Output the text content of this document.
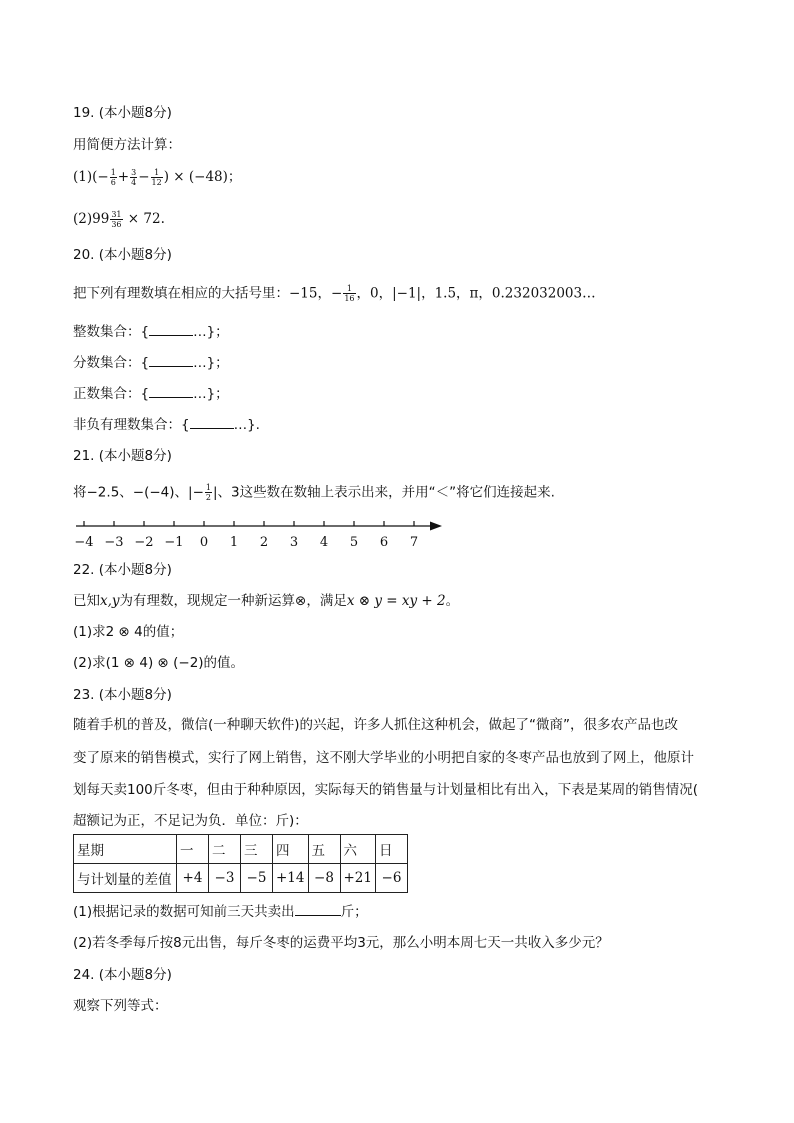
19. (本小题8分)
用简便方法计算：
$(1)(- \frac{1}{6} + \frac{3}{4} - \frac{1}{12}$ ) × (−48)；
$(2)99 \frac{31}{36} \times 72$.
20. (本小题8分)
把下列有理数填在相应的大括号里：−15，− $\frac{1}{16}$ ，0，|−1|，1.5，π，0.232032003…
整数集合：{	…}；
分数集合：{	…}；
正数集合：{	…}；
非负有理数集合：{	…}.
21. (本小题8分)
将−2.5、−(−4)、|− $\frac{1}{2}$ |、3这些数在数轴上表示出来，并用“＜”将它们连接起来.
−4 −3 −2 −1 0 1 2 3 4 5 6 7
22. (本小题8分)
已知x,y为有理数，现规定一种新运算⊗，满足x ⊗ y = xy + 2。
(1)求2 ⊗ 4的值；
(2)求(1 ⊗ 4) ⊗ (−2)的值。
23. (本小题8分)
随着手机的普及，微信(一种聊天软件)的兴起，许多人抓住这种机会，做起了“微商”，很多农产品也改
变了原来的销售模式，实行了网上销售，这不刚大学毕业的小明把自家的冬枣产品也放到了网上，他原计
划每天卖100斤冬枣，但由于种种原因，实际每天的销售量与计划量相比有出入，下表是某周的销售情况(
超额记为正，不足记为负．单位：斤)：
星期	一	二	三	四	五	六	日
与计划量的差值	+4	−3	−5	+14	−8	+21	−6
(1)根据记录的数据可知前三天共卖出	斤；
(2)若冬季每斤按8元出售，每斤冬枣的运费平均3元，那么小明本周七天一共收入多少元？
24. (本小题8分)
观察下列等式：
